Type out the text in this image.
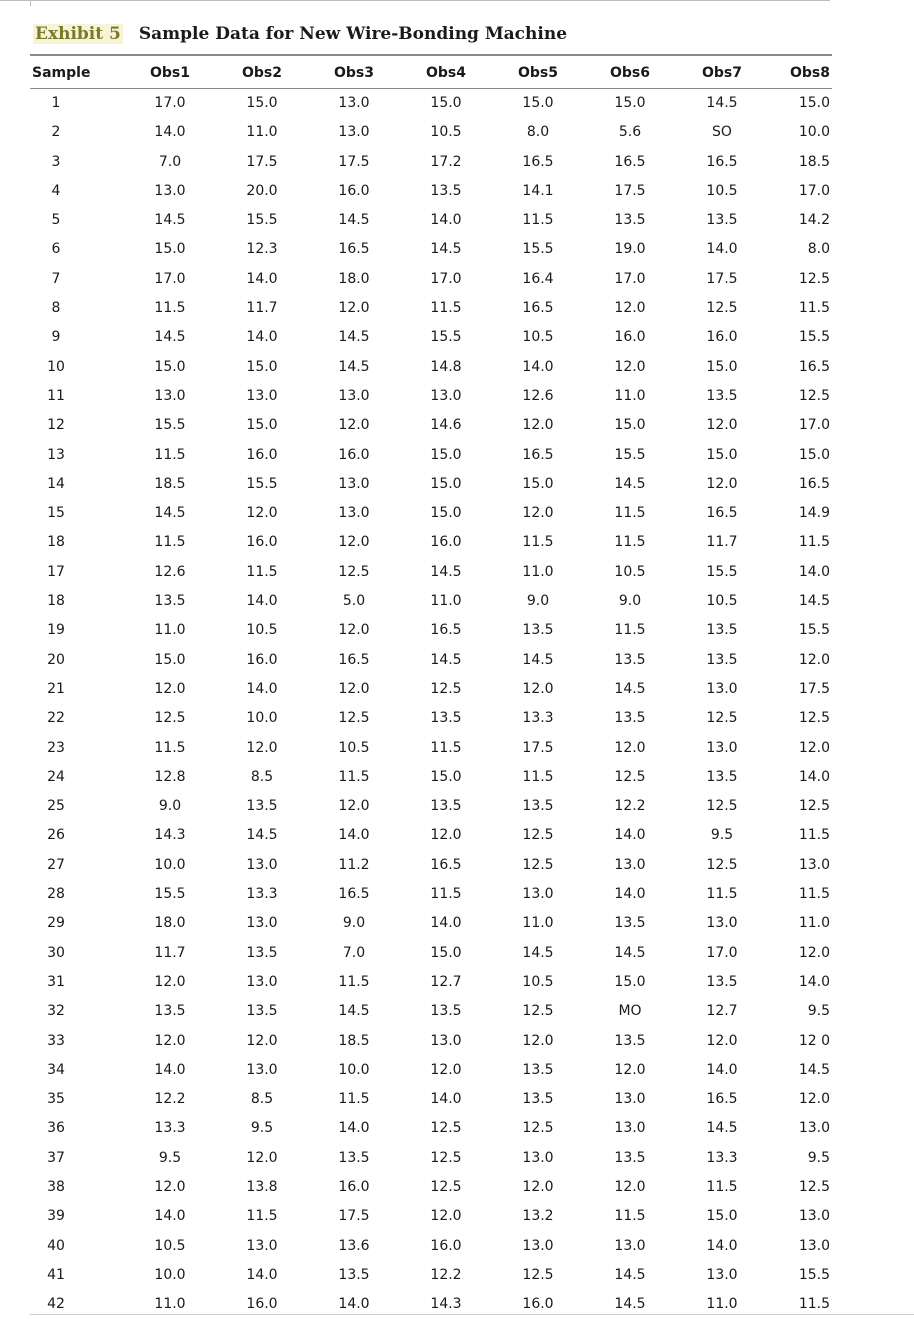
Exhibit 5 Sample Data for New Wire-Bonding Machine
Sample	Obs1	Obs2	Obs3	Obs4	Obs5	Obs6	Obs7	Obs8
1	17.0	15.0	13.0	15.0	15.0	15.0	14.5	15.0
2	14.0	11.0	13.0	10.5	8.0	5.6	SO	10.0
3	7.0	17.5	17.5	17.2	16.5	16.5	16.5	18.5
4	13.0	20.0	16.0	13.5	14.1	17.5	10.5	17.0
5	14.5	15.5	14.5	14.0	11.5	13.5	13.5	14.2
6	15.0	12.3	16.5	14.5	15.5	19.0	14.0	8.0
7	17.0	14.0	18.0	17.0	16.4	17.0	17.5	12.5
8	11.5	11.7	12.0	11.5	16.5	12.0	12.5	11.5
9	14.5	14.0	14.5	15.5	10.5	16.0	16.0	15.5
10	15.0	15.0	14.5	14.8	14.0	12.0	15.0	16.5
11	13.0	13.0	13.0	13.0	12.6	11.0	13.5	12.5
12	15.5	15.0	12.0	14.6	12.0	15.0	12.0	17.0
13	11.5	16.0	16.0	15.0	16.5	15.5	15.0	15.0
14	18.5	15.5	13.0	15.0	15.0	14.5	12.0	16.5
15	14.5	12.0	13.0	15.0	12.0	11.5	16.5	14.9
18	11.5	16.0	12.0	16.0	11.5	11.5	11.7	11.5
17	12.6	11.5	12.5	14.5	11.0	10.5	15.5	14.0
18	13.5	14.0	5.0	11.0	9.0	9.0	10.5	14.5
19	11.0	10.5	12.0	16.5	13.5	11.5	13.5	15.5
20	15.0	16.0	16.5	14.5	14.5	13.5	13.5	12.0
21	12.0	14.0	12.0	12.5	12.0	14.5	13.0	17.5
22	12.5	10.0	12.5	13.5	13.3	13.5	12.5	12.5
23	11.5	12.0	10.5	11.5	17.5	12.0	13.0	12.0
24	12.8	8.5	11.5	15.0	11.5	12.5	13.5	14.0
25	9.0	13.5	12.0	13.5	13.5	12.2	12.5	12.5
26	14.3	14.5	14.0	12.0	12.5	14.0	9.5	11.5
27	10.0	13.0	11.2	16.5	12.5	13.0	12.5	13.0
28	15.5	13.3	16.5	11.5	13.0	14.0	11.5	11.5
29	18.0	13.0	9.0	14.0	11.0	13.5	13.0	11.0
30	11.7	13.5	7.0	15.0	14.5	14.5	17.0	12.0
31	12.0	13.0	11.5	12.7	10.5	15.0	13.5	14.0
32	13.5	13.5	14.5	13.5	12.5	MO	12.7	9.5
33	12.0	12.0	18.5	13.0	12.0	13.5	12.0	12 0
34	14.0	13.0	10.0	12.0	13.5	12.0	14.0	14.5
35	12.2	8.5	11.5	14.0	13.5	13.0	16.5	12.0
36	13.3	9.5	14.0	12.5	12.5	13.0	14.5	13.0
37	9.5	12.0	13.5	12.5	13.0	13.5	13.3	9.5
38	12.0	13.8	16.0	12.5	12.0	12.0	11.5	12.5
39	14.0	11.5	17.5	12.0	13.2	11.5	15.0	13.0
40	10.5	13.0	13.6	16.0	13.0	13.0	14.0	13.0
41	10.0	14.0	13.5	12.2	12.5	14.5	13.0	15.5
42	11.0	16.0	14.0	14.3	16.0	14.5	11.0	11.5
